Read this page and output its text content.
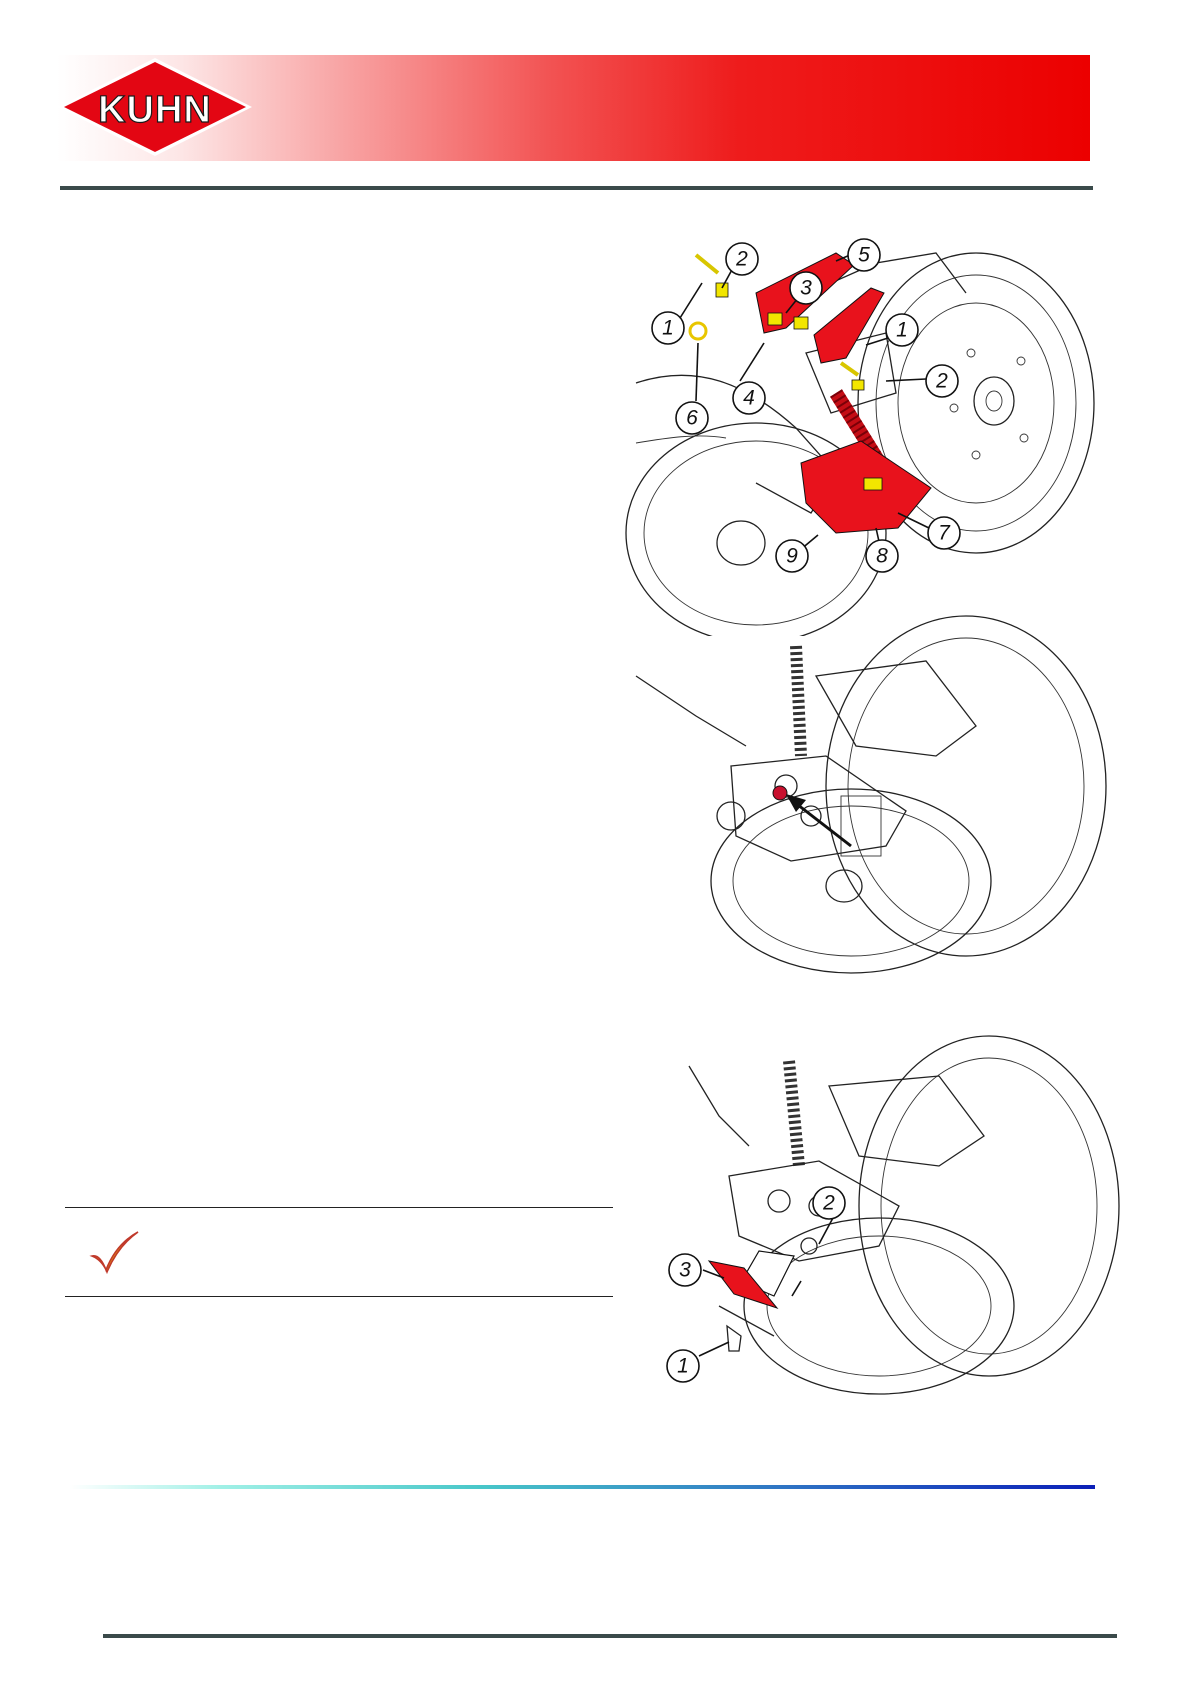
KUHN
1
2
3
4
5
6
1
2
7
8
9
2
3
1
